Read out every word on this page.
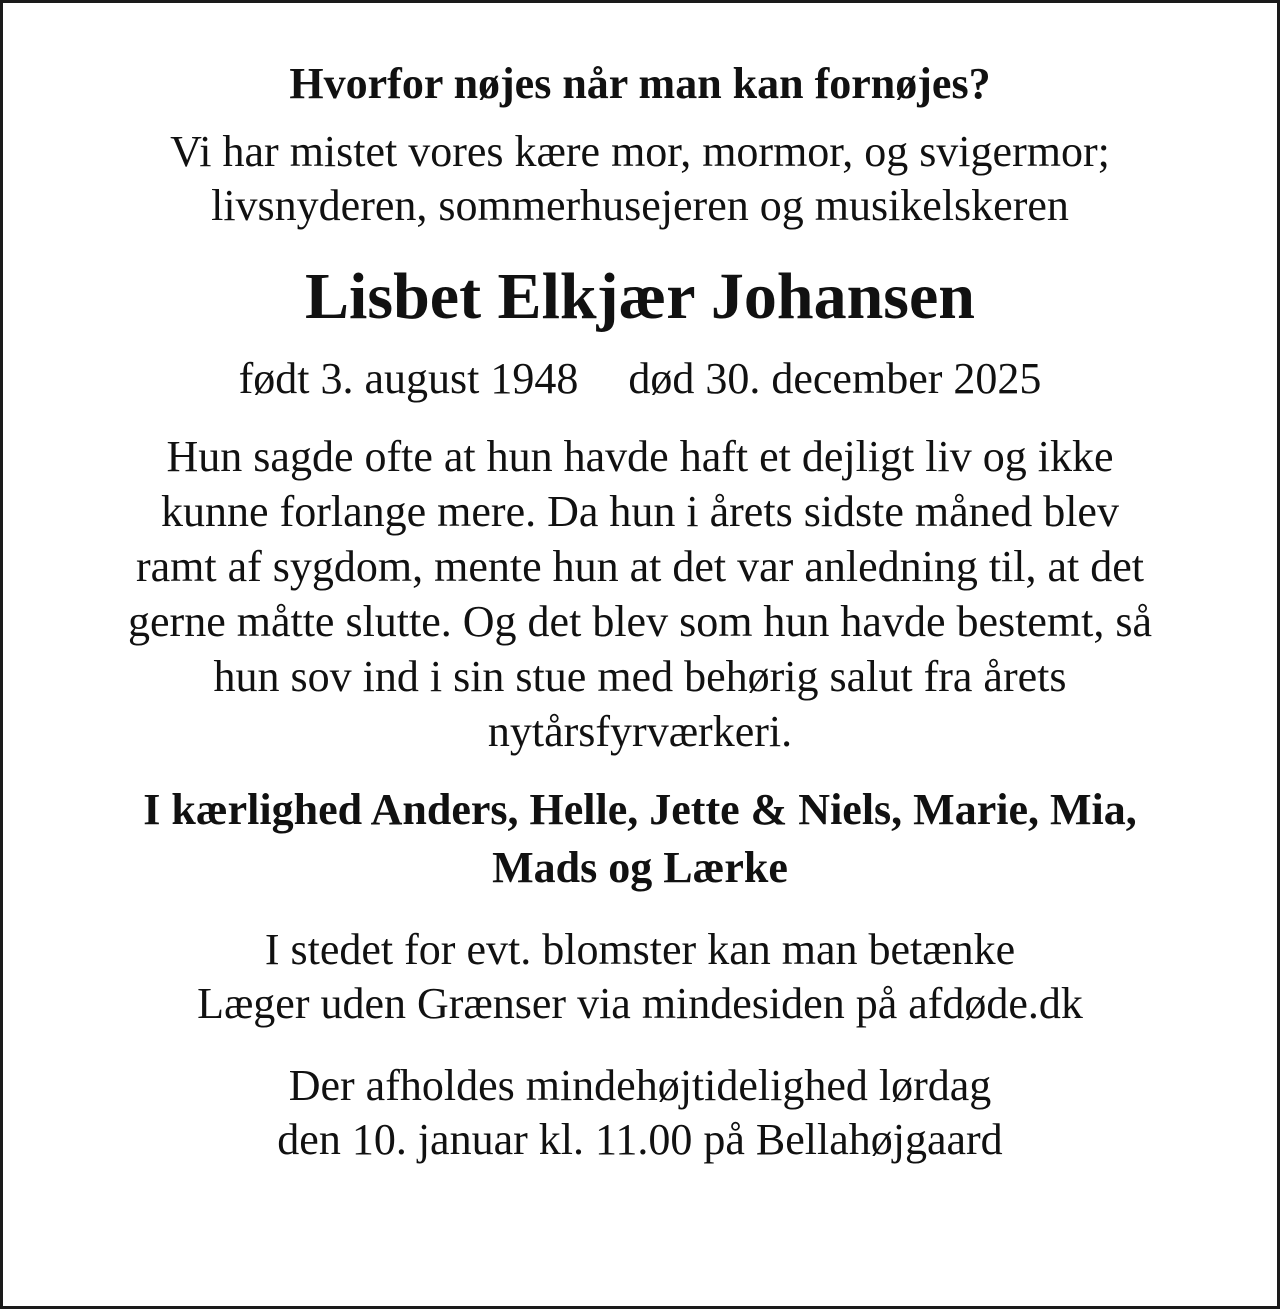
Hvorfor nøjes når man kan fornøjes?

Vi har mistet vores kære mor, mormor, og svigermor;
livsnyderen, sommerhusejeren og musikelskeren

Lisbet Elkjær Johansen

født 3. august 1948 død 30. december 2025

Hun sagde ofte at hun havde haft et dejligt liv og ikke
kunne forlange mere. Da hun i årets sidste måned blev
ramt af sygdom, mente hun at det var anledning til, at det
gerne måtte slutte. Og det blev som hun havde bestemt, så
hun sov ind i sin stue med behørig salut fra årets
nytårsfyrværkeri.

I kærlighed Anders, Helle, Jette & Niels, Marie, Mia,
Mads og Lærke

I stedet for evt. blomster kan man betænke
Læger uden Grænser via mindesiden på afdøde.dk

Der afholdes mindehøjtidelighed lørdag
den 10. januar kl. 11.00 på Bellahøjgaard
